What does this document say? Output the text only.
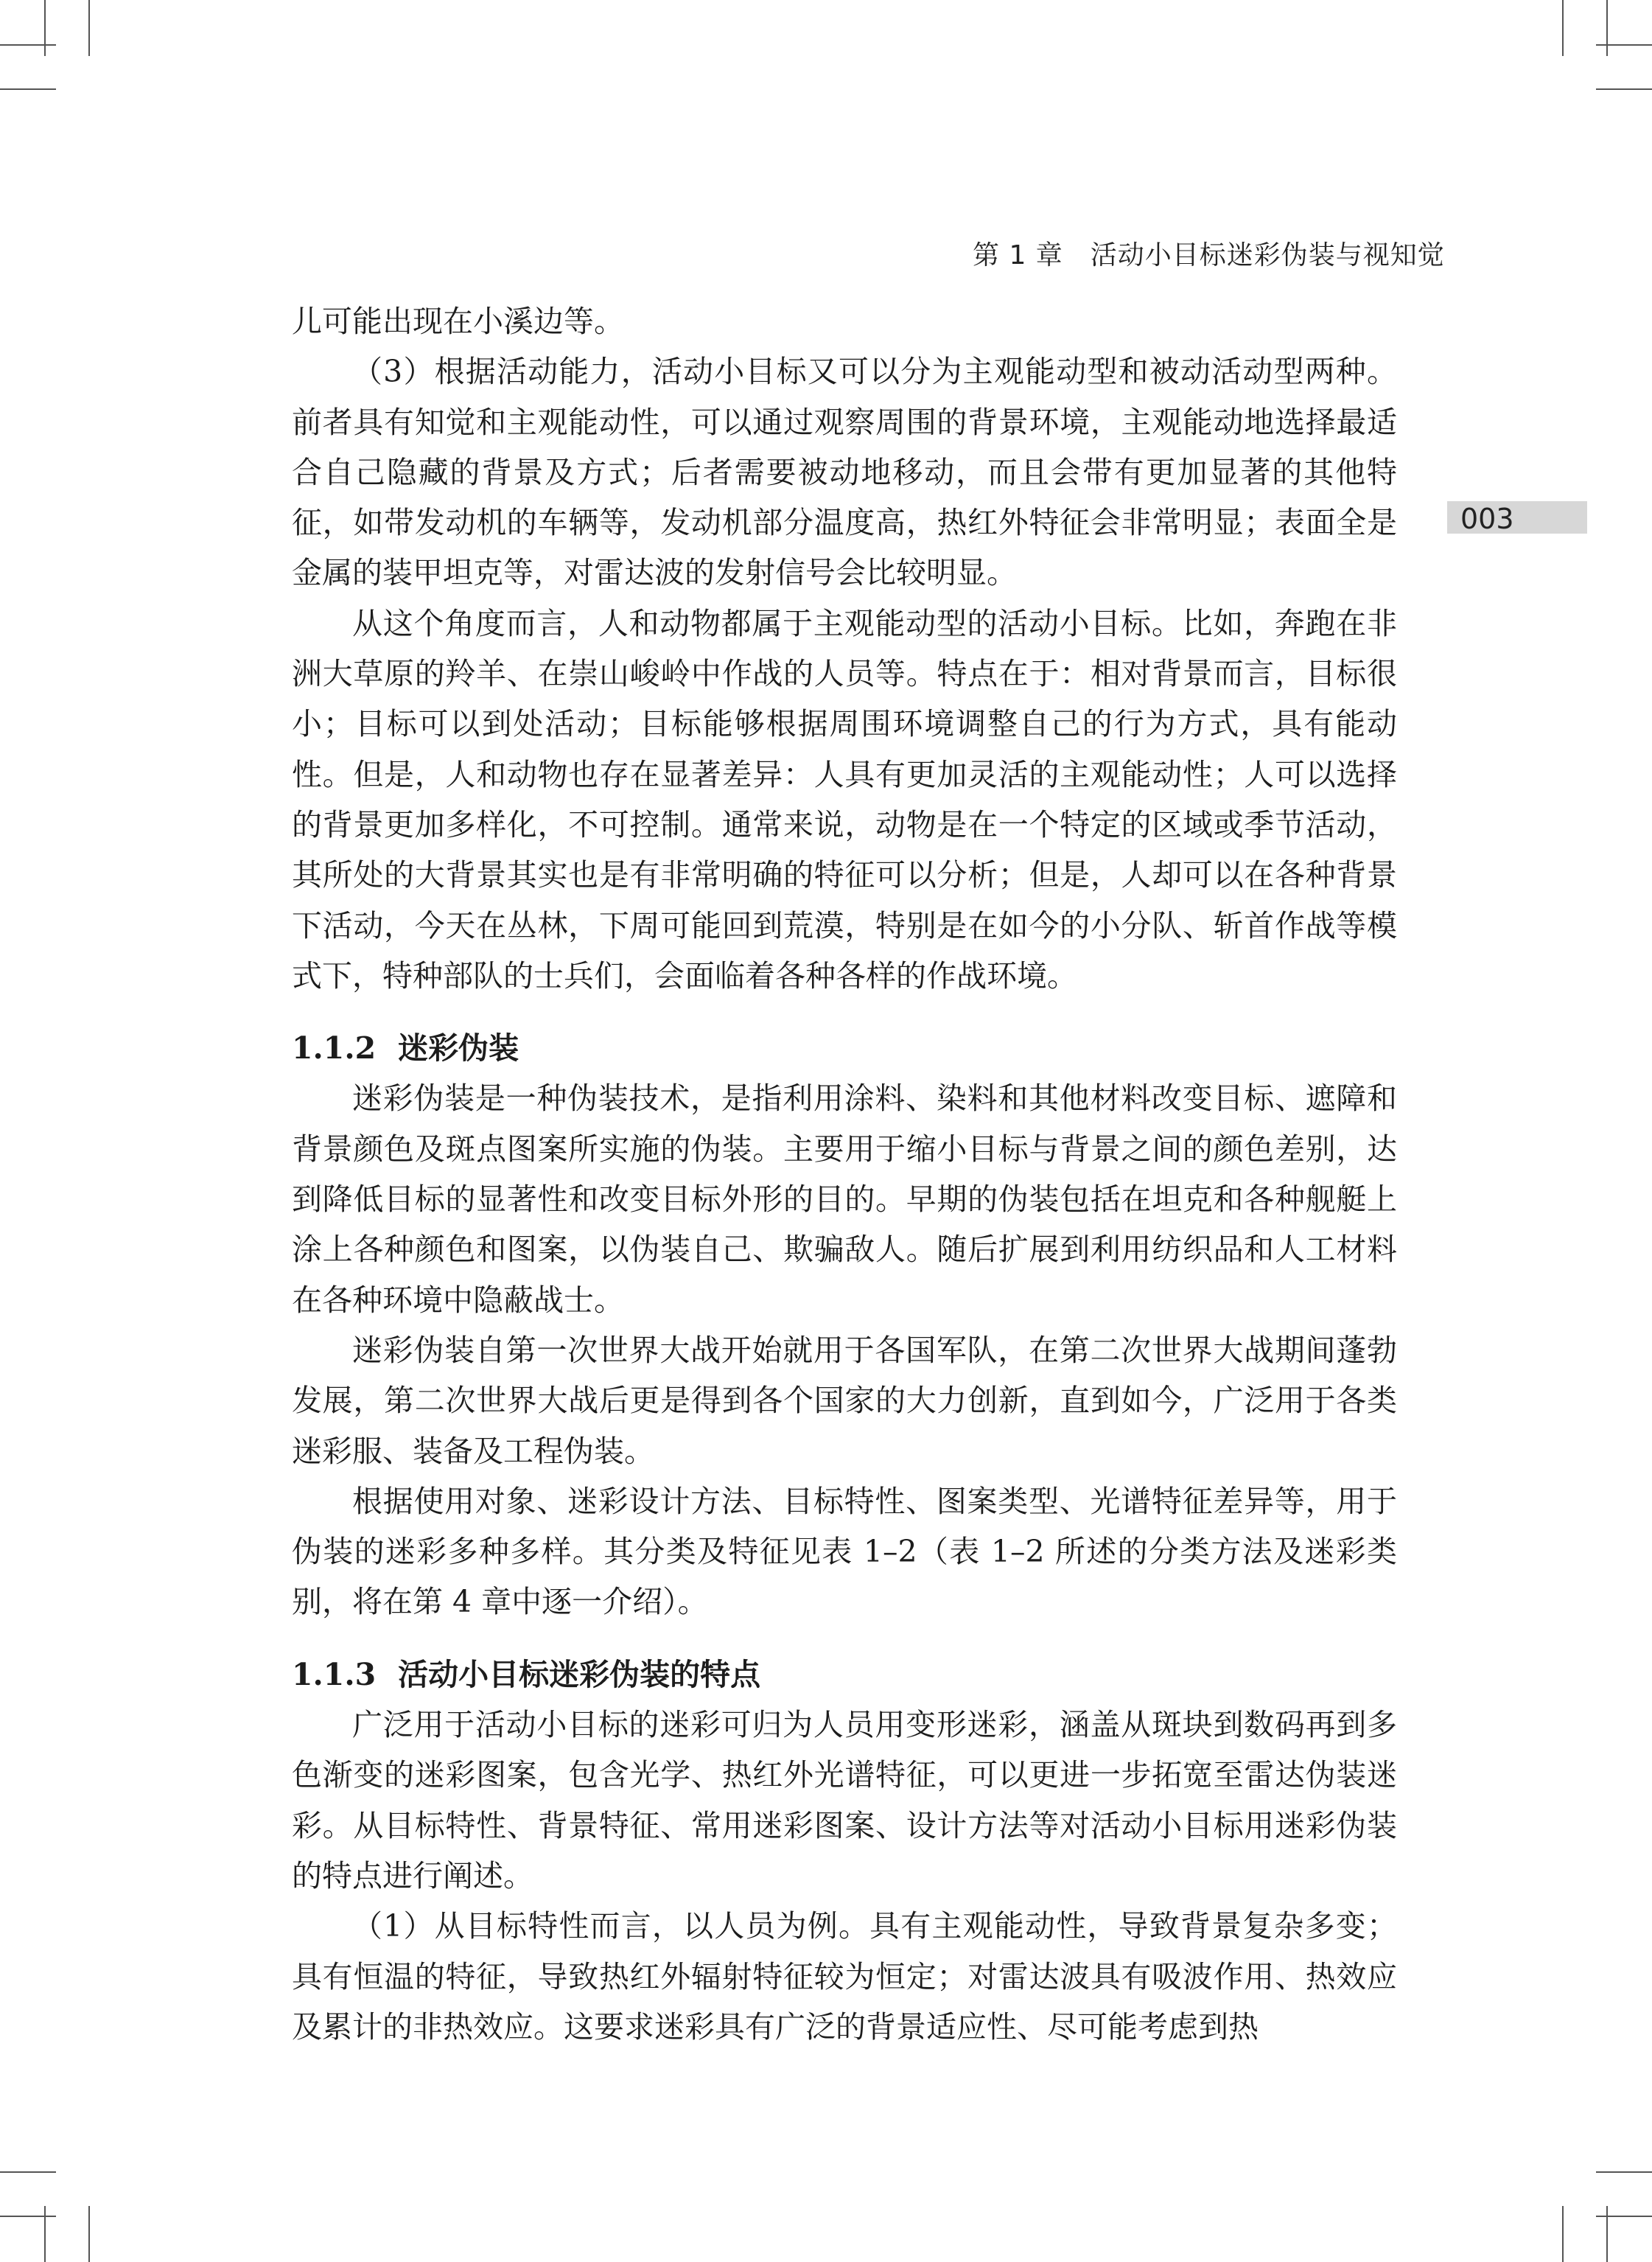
第 1 章　活动小目标迷彩伪装与视知觉
003

儿可能出现在小溪边等。

（3）根据活动能力，活动小目标又可以分为主观能动型和被动活动型两种。前者具有知觉和主观能动性，可以通过观察周围的背景环境，主观能动地选择最适合自己隐藏的背景及方式；后者需要被动地移动，而且会带有更加显著的其他特征，如带发动机的车辆等，发动机部分温度高，热红外特征会非常明显；表面全是金属的装甲坦克等，对雷达波的发射信号会比较明显。

从这个角度而言，人和动物都属于主观能动型的活动小目标。比如，奔跑在非洲大草原的羚羊、在崇山峻岭中作战的人员等。特点在于：相对背景而言，目标很小；目标可以到处活动；目标能够根据周围环境调整自己的行为方式，具有能动性。但是，人和动物也存在显著差异：人具有更加灵活的主观能动性；人可以选择的背景更加多样化，不可控制。通常来说，动物是在一个特定的区域或季节活动，其所处的大背景其实也是有非常明确的特征可以分析；但是，人却可以在各种背景下活动，今天在丛林，下周可能回到荒漠，特别是在如今的小分队、斩首作战等模式下，特种部队的士兵们，会面临着各种各样的作战环境。

1.1.2 迷彩伪装

迷彩伪装是一种伪装技术，是指利用涂料、染料和其他材料改变目标、遮障和背景颜色及斑点图案所实施的伪装。主要用于缩小目标与背景之间的颜色差别，达到降低目标的显著性和改变目标外形的目的。早期的伪装包括在坦克和各种舰艇上涂上各种颜色和图案，以伪装自己、欺骗敌人。随后扩展到利用纺织品和人工材料在各种环境中隐蔽战士。

迷彩伪装自第一次世界大战开始就用于各国军队，在第二次世界大战期间蓬勃发展，第二次世界大战后更是得到各个国家的大力创新，直到如今，广泛用于各类迷彩服、装备及工程伪装。

根据使用对象、迷彩设计方法、目标特性、图案类型、光谱特征差异等，用于伪装的迷彩多种多样。其分类及特征见表 1–2（表 1–2 所述的分类方法及迷彩类别，将在第 4 章中逐一介绍）。

1.1.3 活动小目标迷彩伪装的特点

广泛用于活动小目标的迷彩可归为人员用变形迷彩，涵盖从斑块到数码再到多色渐变的迷彩图案，包含光学、热红外光谱特征，可以更进一步拓宽至雷达伪装迷彩。从目标特性、背景特征、常用迷彩图案、设计方法等对活动小目标用迷彩伪装的特点进行阐述。

（1）从目标特性而言，以人员为例。具有主观能动性，导致背景复杂多变；具有恒温的特征，导致热红外辐射特征较为恒定；对雷达波具有吸波作用、热效应及累计的非热效应。这要求迷彩具有广泛的背景适应性、尽可能考虑到热
